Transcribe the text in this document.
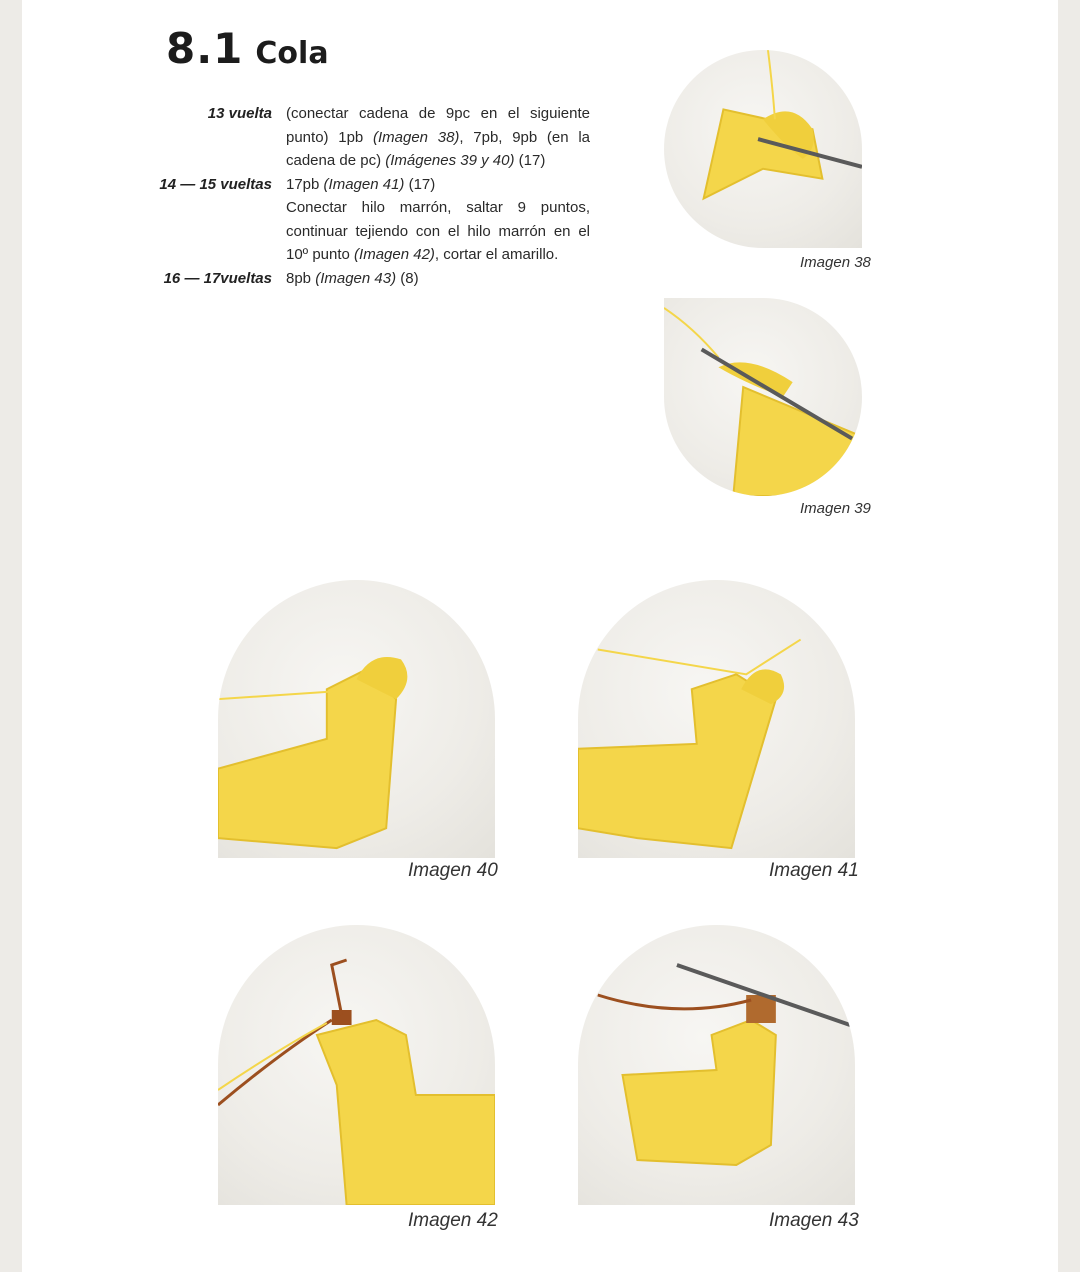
8.1 Cola
13 vuelta (conectar cadena de 9pc en el siguiente punto) 1pb (Imagen 38), 7pb, 9pb (en la cadena de pc) (Imágenes 39 y 40) (17)
14 — 15 vueltas 17pb (Imagen 41) (17)
Conectar hilo marrón, saltar 9 puntos, continuar tejiendo con el hilo marrón en el 10º punto (Imagen 42), cortar el amarillo.
16 — 17vueltas 8pb (Imagen 43) (8)
Imagen 38
Imagen 39
Imagen 40	Imagen 41
Imagen 42	Imagen 43
